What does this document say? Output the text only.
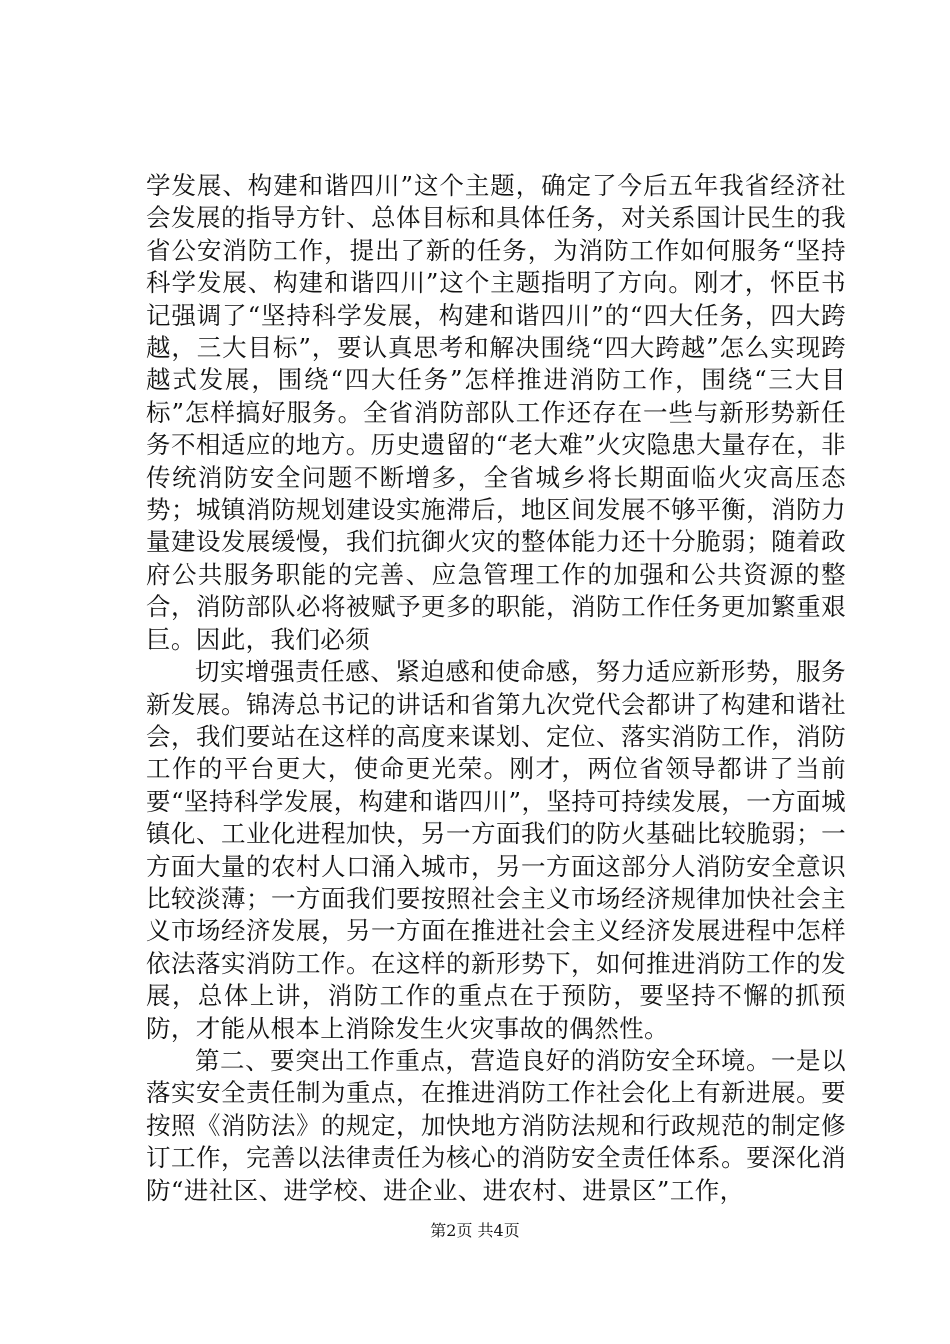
学发展、构建和谐四川”这个主题，确定了今后五年我省经济社会发展的指导方针、总体目标和具体任务，对关系国计民生的我省公安消防工作，提出了新的任务，为消防工作如何服务“坚持科学发展、构建和谐四川”这个主题指明了方向。刚才，怀臣书记强调了“坚持科学发展，构建和谐四川”的“四大任务，四大跨越，三大目标”，要认真思考和解决围绕“四大跨越”怎么实现跨越式发展，围绕“四大任务”怎样推进消防工作，围绕“三大目标”怎样搞好服务。全省消防部队工作还存在一些与新形势新任务不相适应的地方。历史遗留的“老大难”火灾隐患大量存在，非传统消防安全问题不断增多，全省城乡将长期面临火灾高压态势；城镇消防规划建设实施滞后，地区间发展不够平衡，消防力量建设发展缓慢，我们抗御火灾的整体能力还十分脆弱；随着政府公共服务职能的完善、应急管理工作的加强和公共资源的整合，消防部队必将被赋予更多的职能，消防工作任务更加繁重艰巨。因此，我们必须

切实增强责任感、紧迫感和使命感，努力适应新形势，服务新发展。锦涛总书记的讲话和省第九次党代会都讲了构建和谐社会，我们要站在这样的高度来谋划、定位、落实消防工作，消防工作的平台更大，使命更光荣。刚才，两位省领导都讲了当前要“坚持科学发展，构建和谐四川”，坚持可持续发展，一方面城镇化、工业化进程加快，另一方面我们的防火基础比较脆弱；一方面大量的农村人口涌入城市，另一方面这部分人消防安全意识比较淡薄；一方面我们要按照社会主义市场经济规律加快社会主义市场经济发展，另一方面在推进社会主义经济发展进程中怎样依法落实消防工作。在这样的新形势下，如何推进消防工作的发展，总体上讲，消防工作的重点在于预防，要坚持不懈的抓预防，才能从根本上消除发生火灾事故的偶然性。

第二、要突出工作重点，营造良好的消防安全环境。一是以落实安全责任制为重点，在推进消防工作社会化上有新进展。要按照《消防法》的规定，加快地方消防法规和行政规范的制定修订工作，完善以法律责任为核心的消防安全责任体系。要深化消防“进社区、进学校、进企业、进农村、进景区”工作，

第2页 共4页
